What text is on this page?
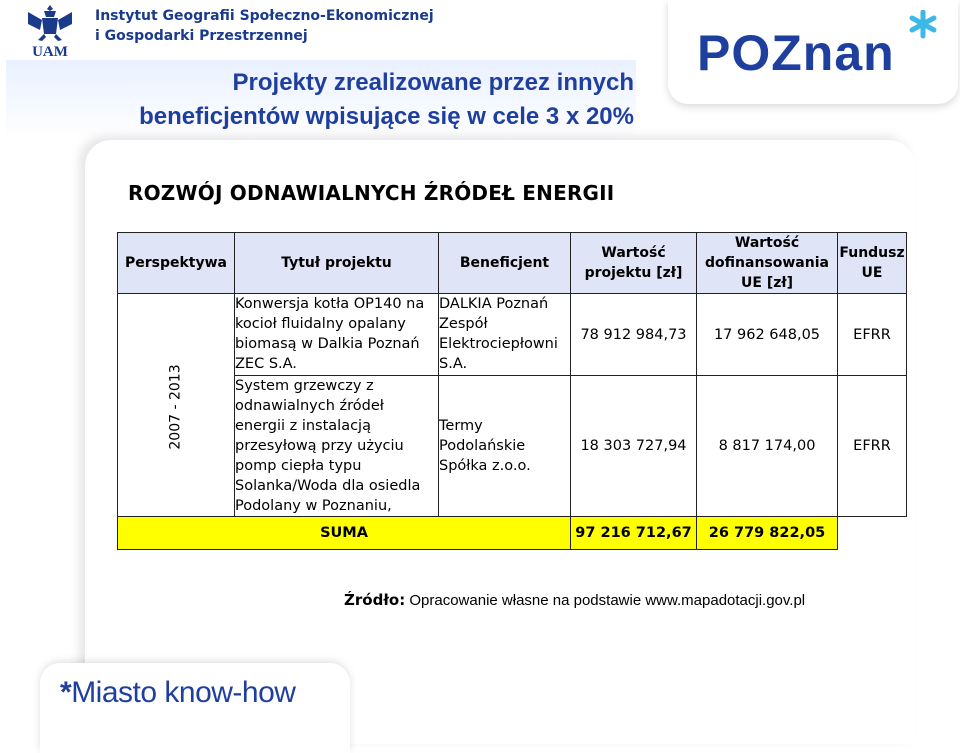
UAM
Instytut Geografii Społeczno-Ekonomicznej
i Gospodarki Przestrzennej
Projekty zrealizowane przez innych
beneficjentów wpisujące się w cele 3 x 20%
POZnan
ROZWÓJ ODNAWIALNYCH ŹRÓDEŁ ENERGII
Perspektywa	Tytuł projektu	Beneficjent	Wartość projektu [zł]	Wartość dofinansowania UE [zł]	Fundusz UE
2007 - 2013	Konwersja kotła OP140 na kocioł fluidalny opalany biomasą w Dalkia Poznań ZEC S.A.	DALKIA Poznań Zespół Elektrociepłowni S.A.	78 912 984,73	17 962 648,05	EFRR
	System grzewczy z odnawialnych źródeł energii z instalacją przesyłową przy użyciu pomp ciepła typu Solanka/Woda dla osiedla Podolany w Poznaniu,	Termy Podolańskie Spółka z.o.o.	18 303 727,94	8 817 174,00	EFRR
SUMA			97 216 712,67	26 779 822,05	
Źródło: Opracowanie własne na podstawie www.mapadotacji.gov.pl
*Miasto know-how
